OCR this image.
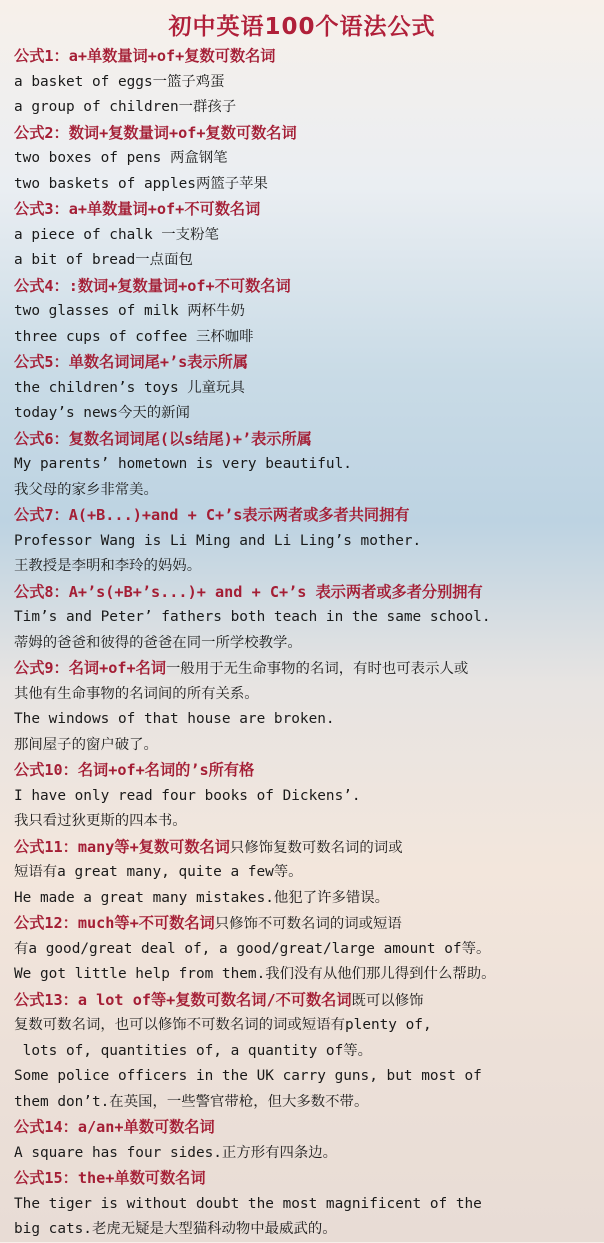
初中英语100个语法公式
公式1：a+单数量词+of+复数可数名词
a basket of eggs一篮子鸡蛋
a group of children一群孩子
公式2：数词+复数量词+of+复数可数名词
two boxes of pens 两盒钢笔
two baskets of apples两篮子苹果
公式3：a+单数量词+of+不可数名词
a piece of chalk 一支粉笔
a bit of bread一点面包
公式4：:数词+复数量词+of+不可数名词
two glasses of milk 两杯牛奶
three cups of coffee 三杯咖啡
公式5：单数名词词尾+’s表示所属
the children’s toys 儿童玩具
today’s news今天的新闻
公式6：复数名词词尾(以s结尾)+’表示所属
My parents’ hometown is very beautiful.
我父母的家乡非常美。
公式7：A(+B...)+and + C+’s表示两者或多者共同拥有
Professor Wang is Li Ming and Li Ling’s mother.
王教授是李明和李玲的妈妈。
公式8：A+’s(+B+’s...)+ and + C+’s 表示两者或多者分别拥有
Tim’s and Peter’ fathers both teach in the same school.
蒂姆的爸爸和彼得的爸爸在同一所学校教学。
公式9：名词+of+名词一般用于无生命事物的名词，有时也可表示人或
其他有生命事物的名词间的所有关系。
The windows of that house are broken.
那间屋子的窗户破了。
公式10：名词+of+名词的’s所有格
I have only read four books of Dickens’.
我只看过狄更斯的四本书。
公式11：many等+复数可数名词只修饰复数可数名词的词或
短语有a great many, quite a few等。
He made a great many mistakes.他犯了许多错误。
公式12：much等+不可数名词只修饰不可数名词的词或短语
有a good/great deal of, a good/great/large amount of等。
We got little help from them.我们没有从他们那儿得到什么帮助。
公式13：a lot of等+复数可数名词/不可数名词既可以修饰
复数可数名词，也可以修饰不可数名词的词或短语有plenty of,
lots of, quantities of, a quantity of等。
Some police officers in the UK carry guns, but most of
them don’t.在英国，一些警官带枪，但大多数不带。
公式14：a/an+单数可数名词
A square has four sides.正方形有四条边。
公式15：the+单数可数名词
The tiger is without doubt the most magnificent of the
big cats.老虎无疑是大型猫科动物中最威武的。
